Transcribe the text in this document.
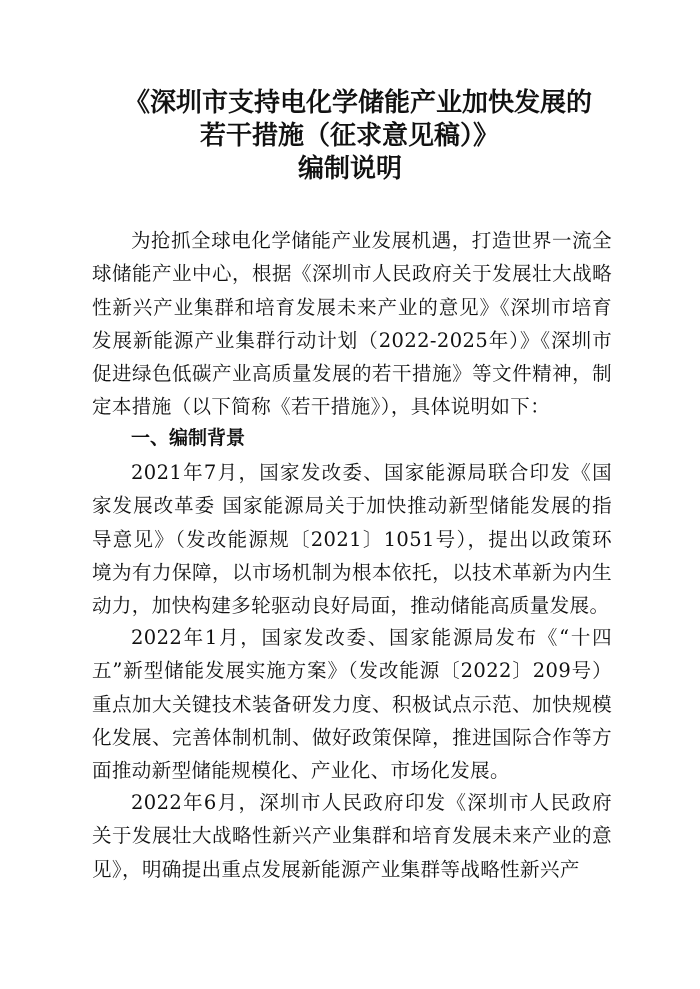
《深圳市支持电化学储能产业加快发展的
若干措施（征求意见稿）》
编制说明
为抢抓全球电化学储能产业发展机遇，打造世界一流全球储能产业中心，根据《深圳市人民政府关于发展壮大战略性新兴产业集群和培育发展未来产业的意见》《深圳市培育发展新能源产业集群行动计划（2022-2025年）》《深圳市促进绿色低碳产业高质量发展的若干措施》等文件精神，制定本措施（以下简称《若干措施》），具体说明如下：
一、编制背景
2021年7月，国家发改委、国家能源局联合印发《国家发展改革委 国家能源局关于加快推动新型储能发展的指导意见》（发改能源规〔2021〕1051号），提出以政策环境为有力保障，以市场机制为根本依托，以技术革新为内生动力，加快构建多轮驱动良好局面，推动储能高质量发展。
2022年1月，国家发改委、国家能源局发布《“十四五”新型储能发展实施方案》（发改能源〔2022〕209号）重点加大关键技术装备研发力度、积极试点示范、加快规模化发展、完善体制机制、做好政策保障，推进国际合作等方面推动新型储能规模化、产业化、市场化发展。
2022年6月，深圳市人民政府印发《深圳市人民政府关于发展壮大战略性新兴产业集群和培育发展未来产业的意见》，明确提出重点发展新能源产业集群等战略性新兴产
